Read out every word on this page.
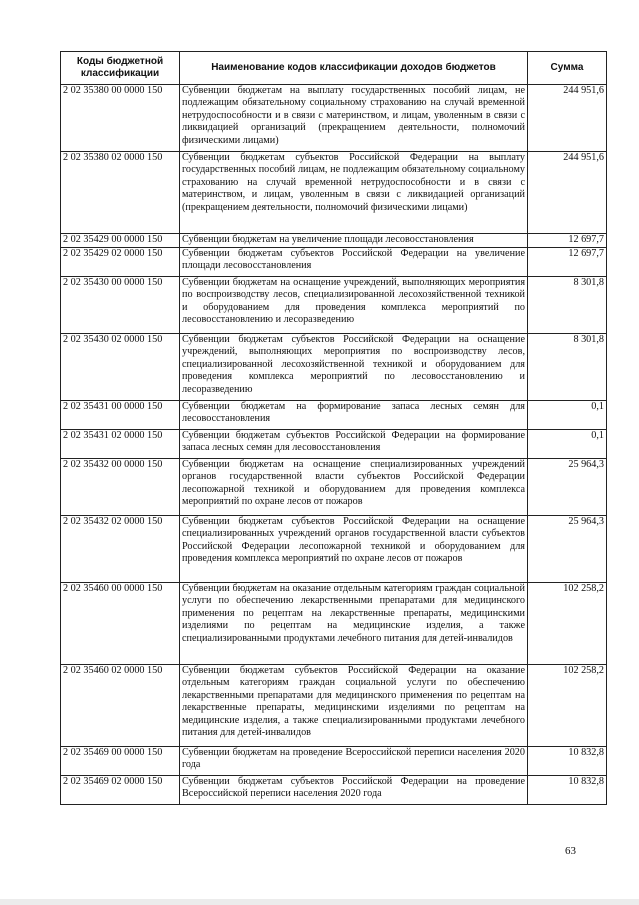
Коды бюджетной классификации	Наименование кодов классификации доходов бюджетов	Сумма
2 02 35380 00 0000 150	Субвенции бюджетам на выплату государственных пособий лицам, не подлежащим обязательному социальному страхованию на случай временной нетрудоспособности и в связи с материнством, и лицам, уволенным в связи с ликвидацией организаций (прекращением деятельности, полномочий физическими лицами)	244 951,6
2 02 35380 02 0000 150	Субвенции бюджетам субъектов Российской Федерации на выплату государственных пособий лицам, не подлежащим обязательному социальному страхованию на случай временной нетрудоспособности и в связи с материнством, и лицам, уволенным в связи с ликвидацией организаций (прекращением деятельности, полномочий физическими лицами)	244 951,6
2 02 35429 00 0000 150	Субвенции бюджетам на увеличение площади лесовосстановления	12 697,7
2 02 35429 02 0000 150	Субвенции бюджетам субъектов Российской Федерации на увеличение площади лесовосстановления	12 697,7
2 02 35430 00 0000 150	Субвенции бюджетам на оснащение учреждений, выполняющих мероприятия по воспроизводству лесов, специализированной лесохозяйственной техникой и оборудованием для проведения комплекса мероприятий по лесовосстановлению и лесоразведению	8 301,8
2 02 35430 02 0000 150	Субвенции бюджетам субъектов Российской Федерации на оснащение учреждений, выполняющих мероприятия по воспроизводству лесов, специализированной лесохозяйственной техникой и оборудованием для проведения комплекса мероприятий по лесовосстановлению и лесоразведению	8 301,8
2 02 35431 00 0000 150	Субвенции бюджетам на формирование запаса лесных семян для лесовосстановления	0,1
2 02 35431 02 0000 150	Субвенции бюджетам субъектов Российской Федерации на формирование запаса лесных семян для лесовосстановления	0,1
2 02 35432 00 0000 150	Субвенции бюджетам на оснащение специализированных учреждений органов государственной власти субъектов Российской Федерации лесопожарной техникой и оборудованием для проведения комплекса мероприятий по охране лесов от пожаров	25 964,3
2 02 35432 02 0000 150	Субвенции бюджетам субъектов Российской Федерации на оснащение специализированных учреждений органов государственной власти субъектов Российской Федерации лесопожарной техникой и оборудованием для проведения комплекса мероприятий по охране лесов от пожаров	25 964,3
2 02 35460 00 0000 150	Субвенции бюджетам на оказание отдельным категориям граждан социальной услуги по обеспечению лекарственными препаратами для медицинского применения по рецептам на лекарственные препараты, медицинскими изделиями по рецептам на медицинские изделия, а также специализированными продуктами лечебного питания для детей-инвалидов	102 258,2
2 02 35460 02 0000 150	Субвенции бюджетам субъектов Российской Федерации на оказание отдельным категориям граждан социальной услуги по обеспечению лекарственными препаратами для медицинского применения по рецептам на лекарственные препараты, медицинскими изделиями по рецептам на медицинские изделия, а также специализированными продуктами лечебного питания для детей-инвалидов	102 258,2
2 02 35469 00 0000 150	Субвенции бюджетам на проведение Всероссийской переписи населения 2020 года	10 832,8
2 02 35469 02 0000 150	Субвенции бюджетам субъектов Российской Федерации на проведение Всероссийской переписи населения 2020 года	10 832,8
63
